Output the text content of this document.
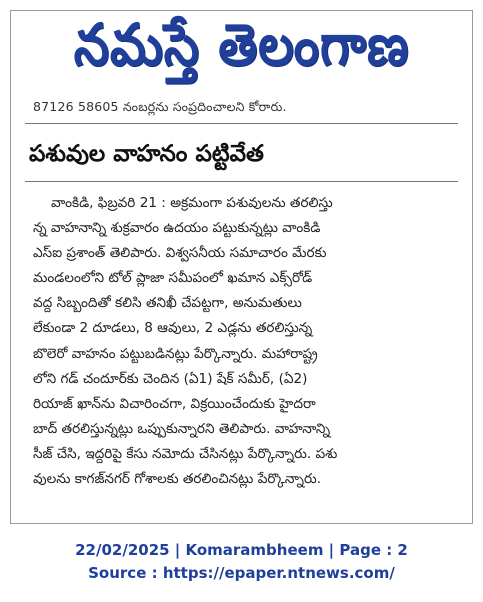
నమస్తే తెలంగాణ
87126 58605 నంబర్లను సంప్రదించాలని కోరారు.
పశువుల వాహనం పట్టివేత
వాంకిడి, ఫిబ్రవరి 21 : అక్రమంగా పశువులను తరలిస్తు
న్న వాహనాన్ని శుక్రవారం ఉదయం పట్టుకున్నట్లు వాంకిడి
ఎస్ఐ ప్రశాంత్ తెలిపారు. విశ్వసనీయ సమాచారం మేరకు
మండలంలోని టోల్ ప్లాజా సమీపంలో ఖమాన ఎక్స్‌రోడ్
వద్ద సిబ్బందితో కలిసి తనిఖీ చేపట్టగా, అనుమతులు
లేకుండా 2 దూడలు, 8 ఆవులు, 2 ఎడ్లను తరలిస్తున్న
బొలెరో వాహనం పట్టుబడినట్లు పేర్కొన్నారు. మహారాష్ట్ర
లోని గడ్ చందూర్‌కు చెందిన (ఏ1) షేక్ సమీర్, (ఏ2)
రియాజ్ ఖాన్‌ను విచారించగా, విక్రయించేందుకు హైదరా
బాద్ తరలిస్తున్నట్లు ఒప్పుకున్నారని తెలిపారు. వాహనాన్ని
సీజ్ చేసి, ఇద్దరిపై కేసు నమోదు చేసినట్లు పేర్కొన్నారు. పశు
వులను కాగజ్‌నగర్ గోశాలకు తరలించినట్లు పేర్కొన్నారు.
22/02/2025 | Komarambheem | Page : 2
Source : https://epaper.ntnews.com/
